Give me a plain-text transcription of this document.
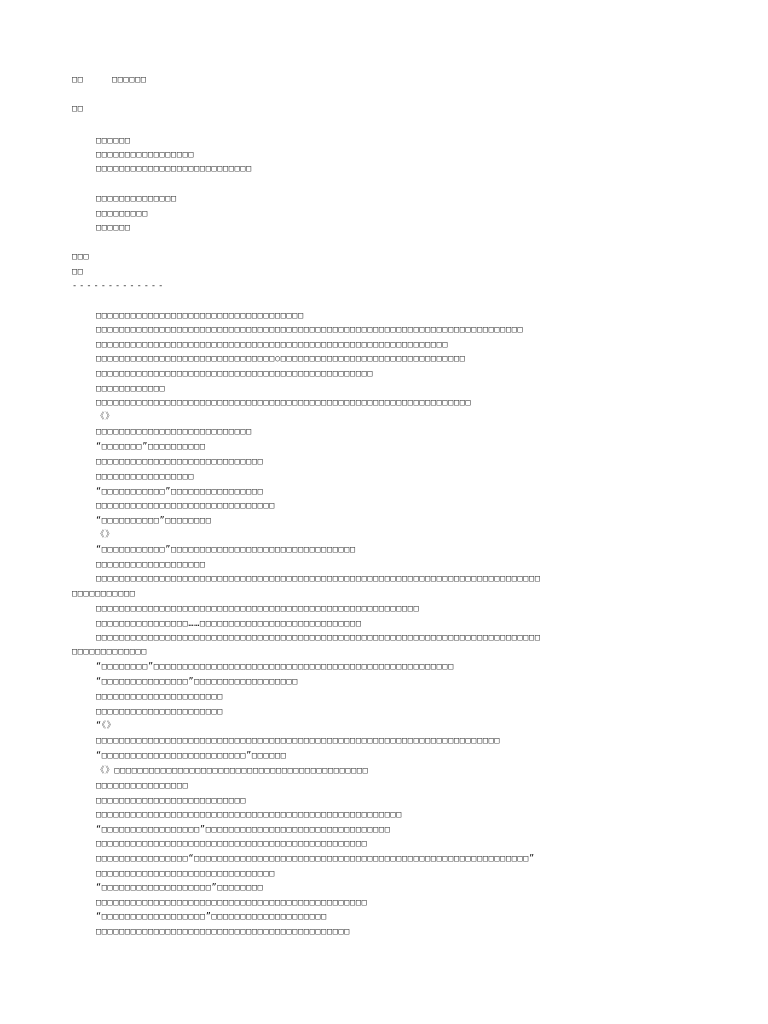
□□	□□□□□□
□□
□□□□□□
□□□□□□□□□□□□□□□□□
□□□□□□□□□□□□□□□□□□□□□□□□□□□
□□□□□□□□□□□□□□
□□□□□□□□□
□□□□□□
□□□
□□
-------------
□□□□□□□□□□□□□□□□□□□□□□□□□□□□□□□□□□□□
□□□□□□□□□□□□□□□□□□□□□□□□□□□□□□□□□□□□□□□□□□□□□□□□□□□□□□□□□□□□□□□□□□□□□□□□□□
□□□□□□□□□□□□□□□□□□□□□□□□□□□□□□□□□□□□□□□□□□□□□□□□□□□□□□□□□□□□□
□□□□□□□□□□□□□□□□□□□□□□□□□□□□□□□○□□□□□□□□□□□□□□□□□□□□□□□□□□□□□□□□
□□□□□□□□□□□□□□□□□□□□□□□□□□□□□□□□□□□□□□□□□□□□□□□□
□□□□□□□□□□□□
□□□□□□□□□□□□□□□□□□□□□□□□□□□□□□□□□□□□□□□□□□□□□□□□□□□□□□□□□□□□□□□□□
《》
□□□□□□□□□□□□□□□□□□□□□□□□□□□
“□□□□□□□”□□□□□□□□□□
□□□□□□□□□□□□□□□□□□□□□□□□□□□□□
□□□□□□□□□□□□□□□□□
“□□□□□□□□□□□”□□□□□□□□□□□□□□□□
□□□□□□□□□□□□□□□□□□□□□□□□□□□□□□□
“□□□□□□□□□□”□□□□□□□□
《》
“□□□□□□□□□□□”□□□□□□□□□□□□□□□□□□□□□□□□□□□□□□□□
□□□□□□□□□□□□□□□□□□□
□□□□□□□□□□□□□□□□□□□□□□□□□□□□□□□□□□□□□□□□□□□□□□□□□□□□□□□□□□□□□□□□□□□□□□□□□□□□□
□□□□□□□□□□□
□□□□□□□□□□□□□□□□□□□□□□□□□□□□□□□□□□□□□□□□□□□□□□□□□□□□□□□□
□□□□□□□□□□□□□□□□……□□□□□□□□□□□□□□□□□□□□□□□□□□□□
□□□□□□□□□□□□□□□□□□□□□□□□□□□□□□□□□□□□□□□□□□□□□□□□□□□□□□□□□□□□□□□□□□□□□□□□□□□□□
□□□□□□□□□□□□□
“□□□□□□□□”□□□□□□□□□□□□□□□□□□□□□□□□□□□□□□□□□□□□□□□□□□□□□□□□□□□□
“□□□□□□□□□□□□□□□”□□□□□□□□□□□□□□□□□□
□□□□□□□□□□□□□□□□□□□□□□
□□□□□□□□□□□□□□□□□□□□□□
“《》
□□□□□□□□□□□□□□□□□□□□□□□□□□□□□□□□□□□□□□□□□□□□□□□□□□□□□□□□□□□□□□□□□□□□□□
“□□□□□□□□□□□□□□□□□□□□□□□□□”□□□□□□
《》□□□□□□□□□□□□□□□□□□□□□□□□□□□□□□□□□□□□□□□□□□□□
□□□□□□□□□□□□□□□□
□□□□□□□□□□□□□□□□□□□□□□□□□□
□□□□□□□□□□□□□□□□□□□□□□□□□□□□□□□□□□□□□□□□□□□□□□□□□□□□□
“□□□□□□□□□□□□□□□□□”□□□□□□□□□□□□□□□□□□□□□□□□□□□□□□□□
□□□□□□□□□□□□□□□□□□□□□□□□□□□□□□□□□□□□□□□□□□□□□□□
□□□□□□□□□□□□□□□□“□□□□□□□□□□□□□□□□□□□□□□□□□□□□□□□□□□□□□□□□□□□□□□□□□□□□□□□□□□”
□□□□□□□□□□□□□□□□□□□□□□□□□□□□□□□
“□□□□□□□□□□□□□□□□□□□”□□□□□□□□
□□□□□□□□□□□□□□□□□□□□□□□□□□□□□□□□□□□□□□□□□□□□□□□
“□□□□□□□□□□□□□□□□□□”□□□□□□□□□□□□□□□□□□□□
□□□□□□□□□□□□□□□□□□□□□□□□□□□□□□□□□□□□□□□□□□□□
